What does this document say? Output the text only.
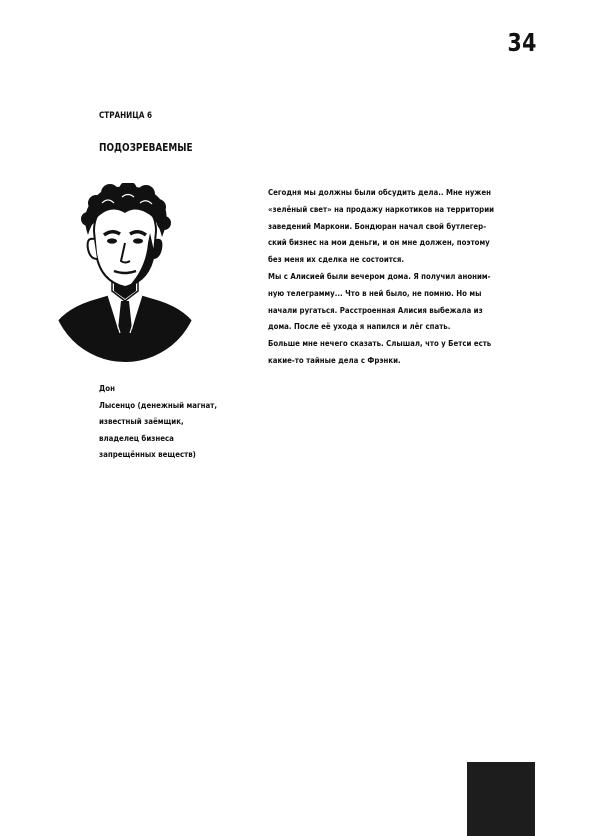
34
СТРАНИЦА 6
ПОДОЗРЕВАЕМЫЕ
Дон
Лысенцо (денежный магнат,
известный заёмщик,
владелец бизнеса
запрещённых веществ)
Сегодня мы должны были обсудить дела.. Мне нужен
«зелёный свет» на продажу наркотиков на территории
заведений Маркони. Бондюран начал свой бутлегер-
ский бизнес на мои деньги, и он мне должен, поэтому
без меня их сделка не состоится.
Мы с Алисией были вечером дома. Я получил аноним-
ную телеграмму... Что в ней было, не помню. Но мы
начали ругаться. Расстроенная Алисия выбежала из
дома. После её ухода я напился и лёг спать.
Больше мне нечего сказать. Слышал, что у Бетси есть
какие-то тайные дела с Фрэнки.
